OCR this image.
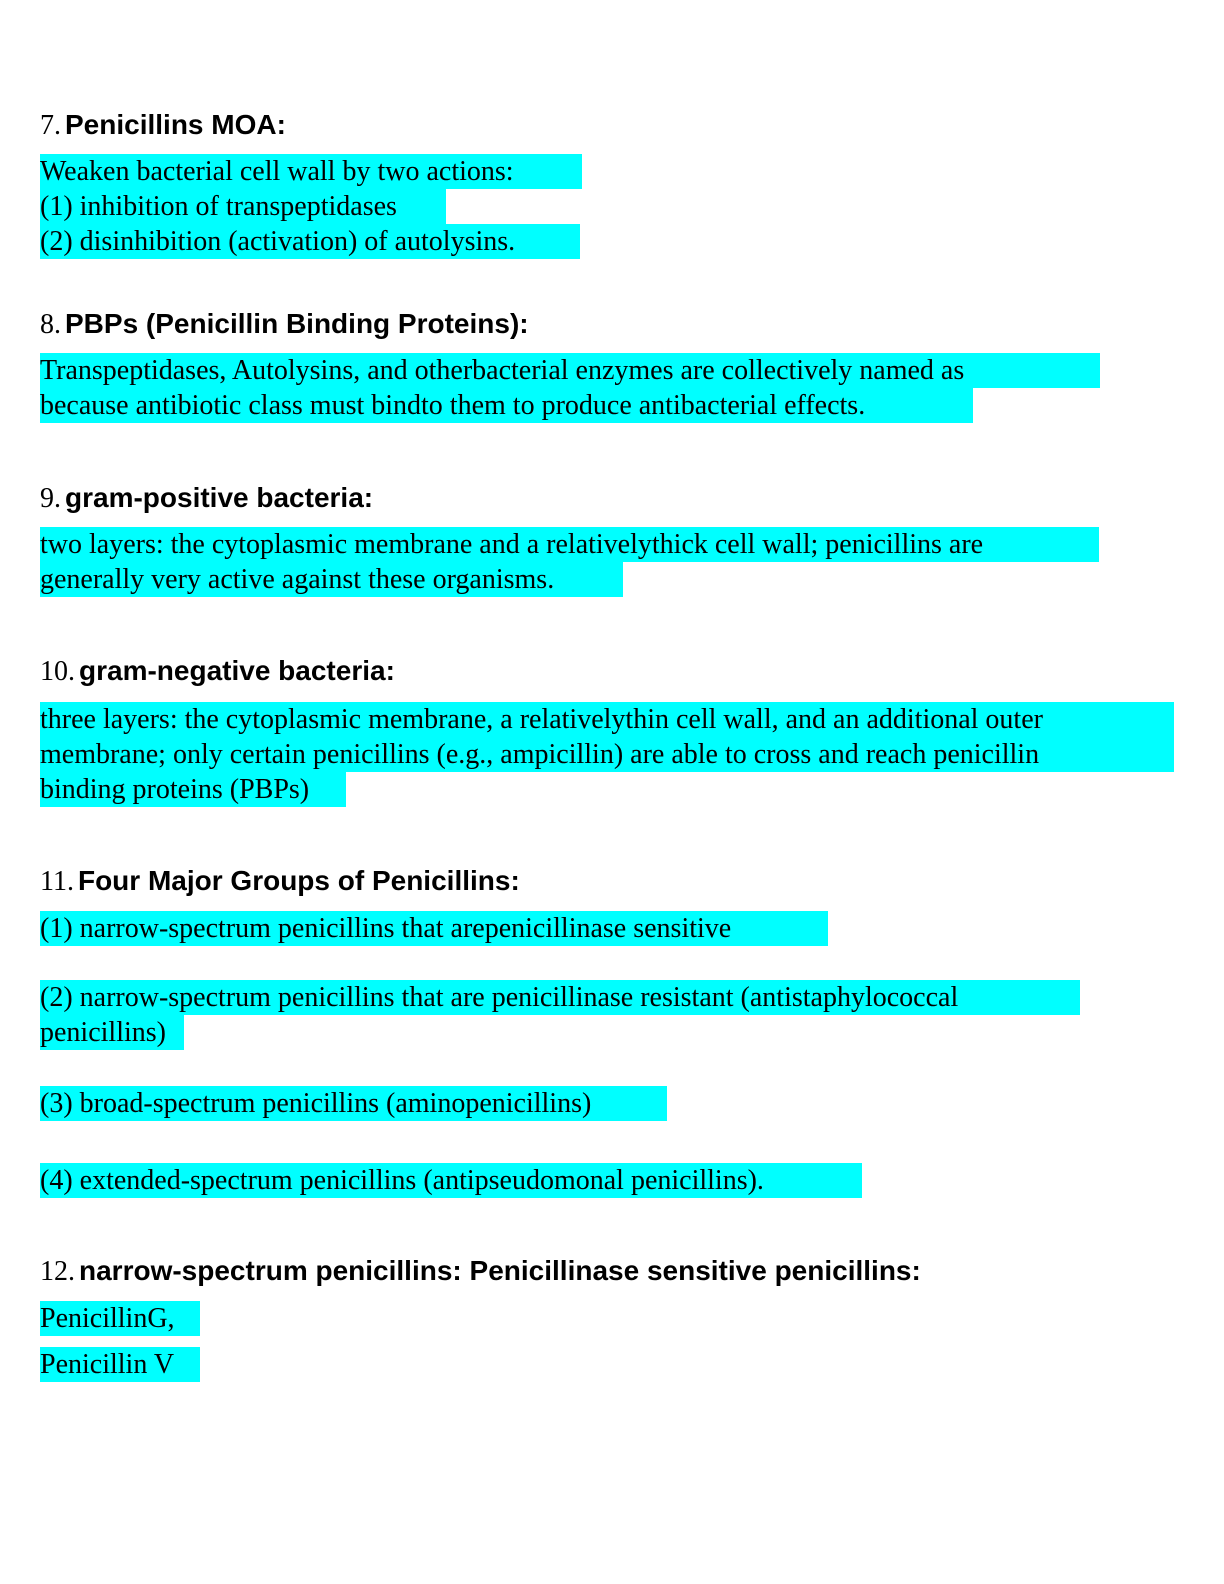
7. Penicillins MOA:
Weaken bacterial cell wall by two actions:
(1) inhibition of transpeptidases
(2) disinhibition (activation) of autolysins.
8. PBPs (Penicillin Binding Proteins):
Transpeptidases, Autolysins, and otherbacterial enzymes are collectively named as
because antibiotic class must bindto them to produce antibacterial effects.
9. gram-positive bacteria:
two layers: the cytoplasmic membrane and a relativelythick cell wall; penicillins are
generally very active against these organisms.
10. gram-negative bacteria:
three layers: the cytoplasmic membrane, a relativelythin cell wall, and an additional outer
membrane; only certain penicillins (e.g., ampicillin) are able to cross and reach penicillin
binding proteins (PBPs)
11. Four Major Groups of Penicillins:
(1) narrow-spectrum penicillins that arepenicillinase sensitive
(2) narrow-spectrum penicillins that are penicillinase resistant (antistaphylococcal
penicillins)
(3) broad-spectrum penicillins (aminopenicillins)
(4) extended-spectrum penicillins (antipseudomonal penicillins).
12. narrow-spectrum penicillins: Penicillinase sensitive penicillins:
PenicillinG,
Penicillin V
